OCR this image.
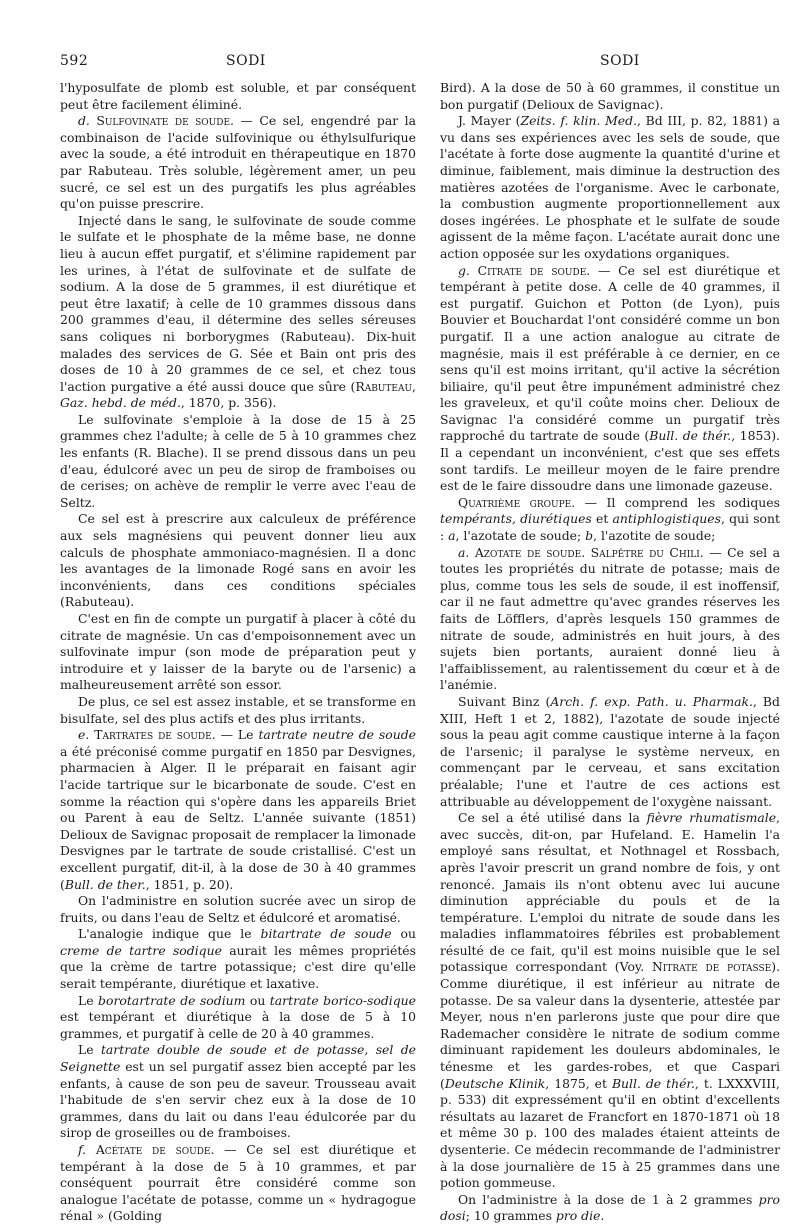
592	SODI	SODI

l'hyposulfate de plomb est soluble, et par conséquent peut être facilement éliminé.

d. Sulfovinate de soude. — Ce sel, engendré par la combinaison de l'acide sulfovinique ou éthylsulfurique avec la soude, a été introduit en thérapeutique en 1870 par Rabuteau. Très soluble, légèrement amer, un peu sucré, ce sel est un des purgatifs les plus agréables qu'on puisse prescrire.

Injecté dans le sang, le sulfovinate de soude comme le sulfate et le phosphate de la même base, ne donne lieu à aucun effet purgatif, et s'élimine rapidement par les urines, à l'état de sulfovinate et de sulfate de sodium. A la dose de 5 grammes, il est diurétique et peut être laxatif; à celle de 10 grammes dissous dans 200 grammes d'eau, il détermine des selles séreuses sans coliques ni borborygmes (Rabuteau). Dix-huit malades des services de G. Sée et Bain ont pris des doses de 10 à 20 grammes de ce sel, et chez tous l'action purgative a été aussi douce que sûre (Rabuteau, Gaz. hebd. de méd., 1870, p. 356).

Le sulfovinate s'emploie à la dose de 15 à 25 grammes chez l'adulte; à celle de 5 à 10 grammes chez les enfants (R. Blache). Il se prend dissous dans un peu d'eau, édulcoré avec un peu de sirop de framboises ou de cerises; on achève de remplir le verre avec l'eau de Seltz.

Ce sel est à prescrire aux calculeux de préférence aux sels magnésiens qui peuvent donner lieu aux calculs de phosphate ammoniaco-magnésien. Il a donc les avantages de la limonade Rogé sans en avoir les inconvénients, dans ces conditions spéciales (Rabuteau).

C'est en fin de compte un purgatif à placer à côté du citrate de magnésie. Un cas d'empoisonnement avec un sulfovinate impur (son mode de préparation peut y introduire et y laisser de la baryte ou de l'arsenic) a malheureusement arrêté son essor.

De plus, ce sel est assez instable, et se transforme en bisulfate, sel des plus actifs et des plus irritants.

e. Tartrates de soude. — Le tartrate neutre de soude a été préconisé comme purgatif en 1850 par Desvignes, pharmacien à Alger. Il le préparait en faisant agir l'acide tartrique sur le bicarbonate de soude. C'est en somme la réaction qui s'opère dans les appareils Briet ou Parent à eau de Seltz. L'année suivante (1851) Delioux de Savignac proposait de remplacer la limonade Desvignes par le tartrate de soude cristallisé. C'est un excellent purgatif, dit-il, à la dose de 30 à 40 grammes (Bull. de ther., 1851, p. 20).

On l'administre en solution sucrée avec un sirop de fruits, ou dans l'eau de Seltz et édulcoré et aromatisé.

L'analogie indique que le bitartrate de soude ou creme de tartre sodique aurait les mêmes propriétés que la crème de tartre potassique; c'est dire qu'elle serait tempérante, diurétique et laxative.

Le borotartrate de sodium ou tartrate borico-sodique est tempérant et diurétique à la dose de 5 à 10 grammes, et purgatif à celle de 20 à 40 grammes.

Le tartrate double de soude et de potasse, sel de Seignette est un sel purgatif assez bien accepté par les enfants, à cause de son peu de saveur. Trousseau avait l'habitude de s'en servir chez eux à la dose de 10 grammes, dans du lait ou dans l'eau édulcorée par du sirop de groseilles ou de framboises.

f. Acétate de soude. — Ce sel est diurétique et tempérant à la dose de 5 à 10 grammes, et par conséquent pourrait être considéré comme son analogue l'acétate de potasse, comme un « hydragogue rénal » (Golding

Bird). A la dose de 50 à 60 grammes, il constitue un bon purgatif (Delioux de Savignac).

J. Mayer (Zeits. f. klin. Med., Bd III, p. 82, 1881) a vu dans ses expériences avec les sels de soude, que l'acétate à forte dose augmente la quantité d'urine et diminue, faiblement, mais diminue la destruction des matières azotées de l'organisme. Avec le carbonate, la combustion augmente proportionnellement aux doses ingérées. Le phosphate et le sulfate de soude agissent de la même façon. L'acétate aurait donc une action opposée sur les oxydations organiques.

g. Citrate de soude. — Ce sel est diurétique et tempérant à petite dose. A celle de 40 grammes, il est purgatif. Guichon et Potton (de Lyon), puis Bouvier et Bouchardat l'ont considéré comme un bon purgatif. Il a une action analogue au citrate de magnésie, mais il est préférable à ce dernier, en ce sens qu'il est moins irritant, qu'il active la sécrétion biliaire, qu'il peut être impunément administré chez les graveleux, et qu'il coûte moins cher. Delioux de Savignac l'a considéré comme un purgatif très rapproché du tartrate de soude (Bull. de thér., 1853). Il a cependant un inconvénient, c'est que ses effets sont tardifs. Le meilleur moyen de le faire prendre est de le faire dissoudre dans une limonade gazeuse.

Quatrième groupe. — Il comprend les sodiques tempérants, diurétiques et antiphlogistiques, qui sont : a, l'azotate de soude; b, l'azotite de soude;

a. Azotate de soude. Salpêtre du Chili. — Ce sel a toutes les propriétés du nitrate de potasse; mais de plus, comme tous les sels de soude, il est inoffensif, car il ne faut admettre qu'avec grandes réserves les faits de Löfflers, d'après lesquels 150 grammes de nitrate de soude, administrés en huit jours, à des sujets bien portants, auraient donné lieu à l'affaiblissement, au ralentissement du cœur et à de l'anémie.

Suivant Binz (Arch. f. exp. Path. u. Pharmak., Bd XIII, Heft 1 et 2, 1882), l'azotate de soude injecté sous la peau agit comme caustique interne à la façon de l'arsenic; il paralyse le système nerveux, en commençant par le cerveau, et sans excitation préalable; l'une et l'autre de ces actions est attribuable au développement de l'oxygène naissant.

Ce sel a été utilisé dans la fièvre rhumatismale, avec succès, dit-on, par Hufeland. E. Hamelin l'a employé sans résultat, et Nothnagel et Rossbach, après l'avoir prescrit un grand nombre de fois, y ont renoncé. Jamais ils n'ont obtenu avec lui aucune diminution appréciable du pouls et de la température. L'emploi du nitrate de soude dans les maladies inflammatoires fébriles est probablement résulté de ce fait, qu'il est moins nuisible que le sel potassique correspondant (Voy. Nitrate de potasse). Comme diurétique, il est inférieur au nitrate de potasse. De sa valeur dans la dysenterie, attestée par Meyer, nous n'en parlerons juste que pour dire que Rademacher considère le nitrate de sodium comme diminuant rapidement les douleurs abdominales, le ténesme et les gardes-robes, et que Caspari (Deutsche Klinik, 1875, et Bull. de thér., t. LXXXVIII, p. 533) dit expressément qu'il en obtint d'excellents résultats au lazaret de Francfort en 1870-1871 où 18 et même 30 p. 100 des malades étaient atteints de dysenterie. Ce médecin recommande de l'administrer à la dose journalière de 15 à 25 grammes dans une potion gommeuse.

On l'administre à la dose de 1 à 2 grammes pro dosi; 10 grammes pro die.
